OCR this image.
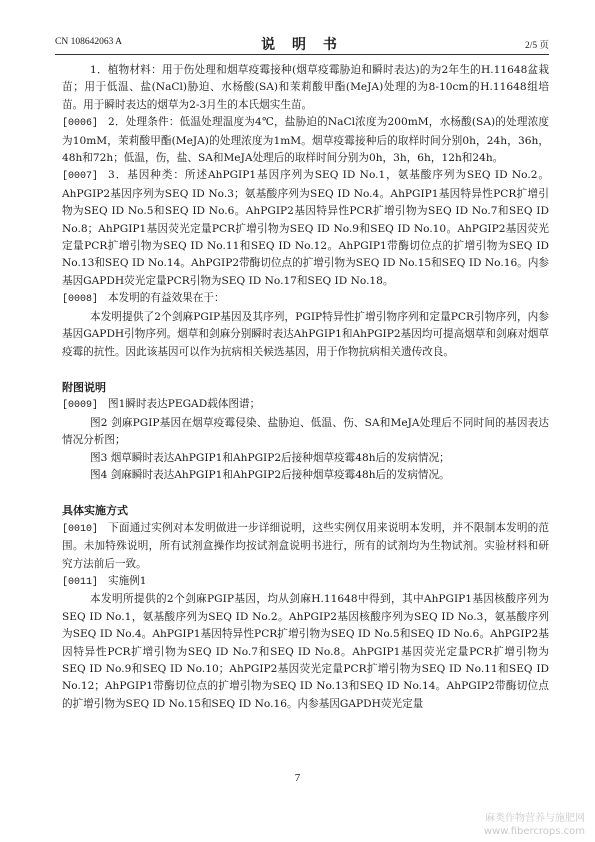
CN 108642063 A	说 明 书	2/5 页

1．植物材料：用于伤处理和烟草疫霉接种(烟草疫霉胁迫和瞬时表达)的为2年生的H.11648盆栽苗；用于低温、盐(NaCl)胁迫、水杨酸(SA)和茉莉酸甲酯(MeJA)处理的为8-10cm的H.11648组培苗。用于瞬时表达的烟草为2-3月生的本氏烟实生苗。

[0006] 2．处理条件：低温处理温度为4℃，盐胁迫的NaCl浓度为200mM，水杨酸(SA)的处理浓度为10mM，茉莉酸甲酯(MeJA)的处理浓度为1mM。烟草疫霉接种后的取样时间分别0h，24h，36h，48h和72h；低温，伤，盐、SA和MeJA处理后的取样时间分别为0h，3h，6h，12h和24h。

[0007] 3．基因种类：所述AhPGIP1基因序列为SEQ ID No.1，氨基酸序列为SEQ ID No.2。AhPGIP2基因序列为SEQ ID No.3；氨基酸序列为SEQ ID No.4。AhPGIP1基因特异性PCR扩增引物为SEQ ID No.5和SEQ ID No.6。AhPGIP2基因特异性PCR扩增引物为SEQ ID No.7和SEQ ID No.8；AhPGIP1基因荧光定量PCR扩增引物为SEQ ID No.9和SEQ ID No.10。AhPGIP2基因荧光定量PCR扩增引物为SEQ ID No.11和SEQ ID No.12。AhPGIP1带酶切位点的扩增引物为SEQ ID No.13和SEQ ID No.14。AhPGIP2带酶切位点的扩增引物为SEQ ID No.15和SEQ ID No.16。内参基因GAPDH荧光定量PCR引物为SEQ ID No.17和SEQ ID No.18。

[0008] 本发明的有益效果在于：

本发明提供了2个剑麻PGIP基因及其序列，PGIP特异性扩增引物序列和定量PCR引物序列，内参基因GAPDH引物序列。烟草和剑麻分别瞬时表达AhPGIP1和AhPGIP2基因均可提高烟草和剑麻对烟草疫霉的抗性。因此该基因可以作为抗病相关候选基因，用于作物抗病相关遗传改良。

附图说明

[0009] 图1瞬时表达PEGAD载体图谱；

图2 剑麻PGIP基因在烟草疫霉侵染、盐胁迫、低温、伤、SA和MeJA处理后不同时间的基因表达情况分析图；

图3 烟草瞬时表达AhPGIP1和AhPGIP2后接种烟草疫霉48h后的发病情况；

图4 剑麻瞬时表达AhPGIP1和AhPGIP2后接种烟草疫霉48h后的发病情况。

具体实施方式

[0010] 下面通过实例对本发明做进一步详细说明，这些实例仅用来说明本发明，并不限制本发明的范围。未加特殊说明，所有试剂盒操作均按试剂盒说明书进行，所有的试剂均为生物试剂。实验材料和研究方法前后一致。

[0011] 实施例1

本发明所提供的2个剑麻PGIP基因，均从剑麻H.11648中得到，其中AhPGIP1基因核酸序列为SEQ ID No.1，氨基酸序列为SEQ ID No.2。AhPGIP2基因核酸序列为SEQ ID No.3，氨基酸序列为SEQ ID No.4。AhPGIP1基因特异性PCR扩增引物为SEQ ID No.5和SEQ ID No.6。AhPGIP2基因特异性PCR扩增引物为SEQ ID No.7和SEQ ID No.8。AhPGIP1基因荧光定量PCR扩增引物为SEQ ID No.9和SEQ ID No.10；AhPGIP2基因荧光定量PCR扩增引物为SEQ ID No.11和SEQ ID No.12；AhPGIP1带酶切位点的扩增引物为SEQ ID No.13和SEQ ID No.14。AhPGIP2带酶切位点的扩增引物为SEQ ID No.15和SEQ ID No.16。内参基因GAPDH荧光定量

7
麻类作物营养与施肥网
www.fibercrops.com
